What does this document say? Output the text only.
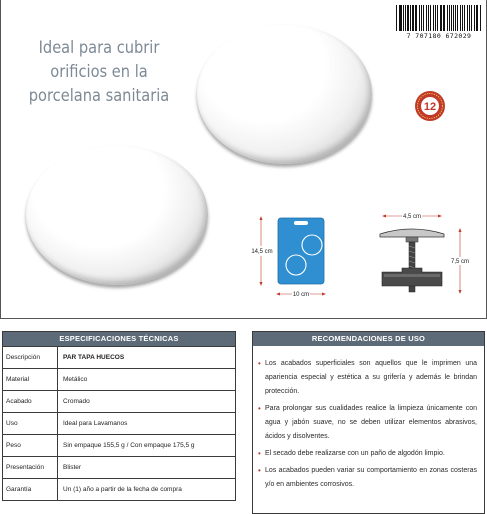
Ideal para cubrir
orificios en la
porcelana sanitaria
7 707180 672029
12
14,5 cm
10 cm
4,5 cm
7,5 cm
ESPECIFICACIONES TÉCNICAS
Descripción	PAR TAPA HUECOS
Material	Metálico
Acabado	Cromado
Uso	Ideal para Lavamanos
Peso	Sin empaque 155,5 g / Con empaque 175,5 g
Presentación	Blister
Garantía	Un (1) año a partir de la fecha de compra
RECOMENDACIONES DE USO
• Los acabados superficiales son aquellos que le imprimen una apariencia especial y estética a su grifería y además le brindan protección.
• Para prolongar sus cualidades realice la limpieza únicamente con agua y jabón suave, no se deben utilizar elementos abrasivos, ácidos y disolventes.
• El secado debe realizarse con un paño de algodón limpio.
• Los acabados pueden variar su comportamiento en zonas costeras y/o en ambientes corrosivos.
